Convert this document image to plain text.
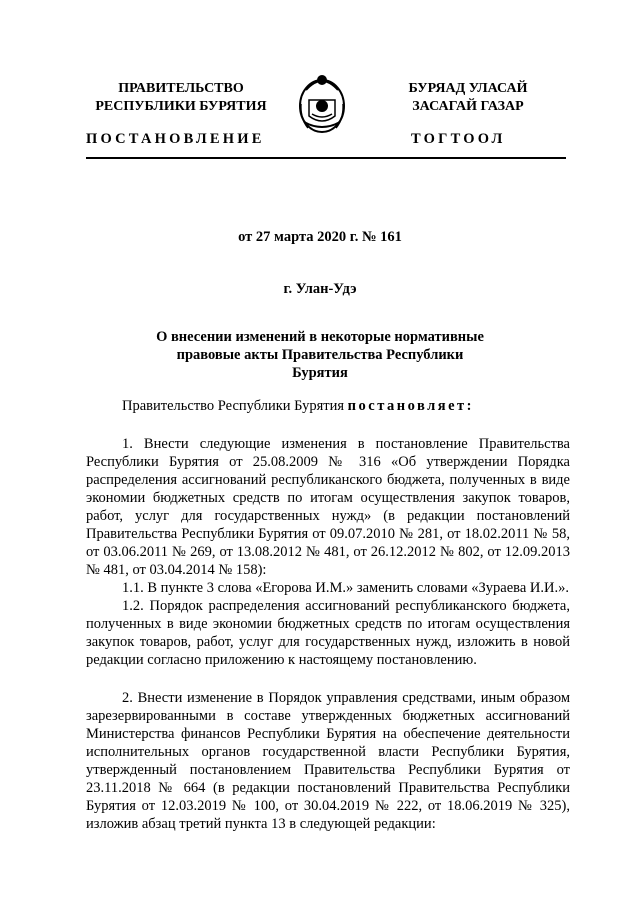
ПРАВИТЕЛЬСТВО
РЕСПУБЛИКИ БУРЯТИЯ
БУРЯАД УЛАСАЙ
ЗАСАГАЙ ГАЗАР
ПОСТАНОВЛЕНИЕ	ТОГТООЛ
от 27 марта 2020 г. № 161
г. Улан-Удэ
О внесении изменений в некоторые нормативные
правовые акты Правительства Республики Бурятия

Правительство Республики Бурятия постановляет:

1. Внести следующие изменения в постановление Правительства Республики Бурятия от 25.08.2009 № 316 «Об утверждении Порядка распределения ассигнований республиканского бюджета, полученных в виде экономии бюджетных средств по итогам осуществления закупок товаров, работ, услуг для государственных нужд» (в редакции постановлений Правительства Республики Бурятия от 09.07.2010 № 281, от 18.02.2011 № 58, от 03.06.2011 № 269, от 13.08.2012 № 481, от 26.12.2012 № 802, от 12.09.2013 № 481, от 03.04.2014 № 158):

1.1. В пункте 3 слова «Егорова И.М.» заменить словами «Зураева И.И.».

1.2. Порядок распределения ассигнований республиканского бюджета, полученных в виде экономии бюджетных средств по итогам осуществления закупок товаров, работ, услуг для государственных нужд, изложить в новой редакции согласно приложению к настоящему постановлению.

2. Внести изменение в Порядок управления средствами, иным образом зарезервированными в составе утвержденных бюджетных ассигнований Министерства финансов Республики Бурятия на обеспечение деятельности исполнительных органов государственной власти Республики Бурятия, утвержденный постановлением Правительства Республики Бурятия от 23.11.2018 № 664 (в редакции постановлений Правительства Республики Бурятия от 12.03.2019 № 100, от 30.04.2019 № 222, от 18.06.2019 № 325), изложив абзац третий пункта 13 в следующей редакции:
